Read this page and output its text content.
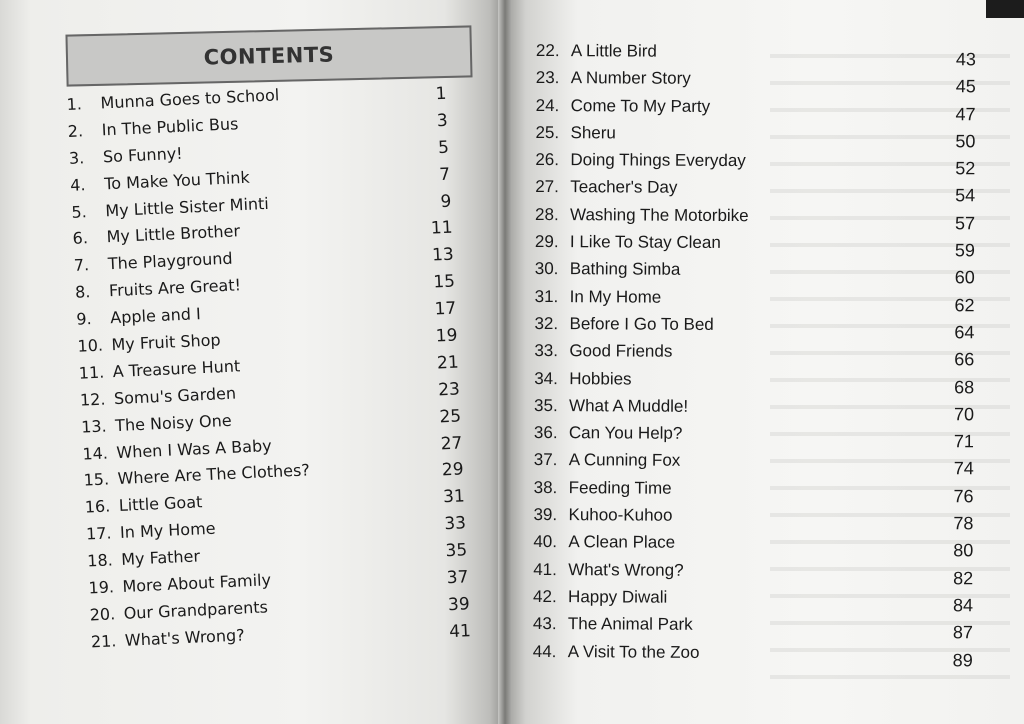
CONTENTS
1. Munna Goes to School	1
2. In The Public Bus	3
3. So Funny!	5
4. To Make You Think	7
5. My Little Sister Minti	9
6. My Little Brother	11
7. The Playground	13
8. Fruits Are Great!	15
9. Apple and I	17
10. My Fruit Shop	19
11. A Treasure Hunt	21
12. Somu's Garden	23
13. The Noisy One	25
14. When I Was A Baby	27
15. Where Are The Clothes?	29
16. Little Goat	31
17. In My Home	33
18. My Father	35
19. More About Family	37
20. Our Grandparents	39
21. What's Wrong?	41
22. A Little Bird	43
23. A Number Story	45
24. Come To My Party	47
25. Sheru	50
26. Doing Things Everyday	52
27. Teacher's Day	54
28. Washing The Motorbike	57
29. I Like To Stay Clean	59
30. Bathing Simba	60
31. In My Home	62
32. Before I Go To Bed	64
33. Good Friends	66
34. Hobbies	68
35. What A Muddle!	70
36. Can You Help?	71
37. A Cunning Fox	74
38. Feeding Time	76
39. Kuhoo-Kuhoo	78
40. A Clean Place	80
41. What's Wrong?	82
42. Happy Diwali	84
43. The Animal Park	87
44. A Visit To the Zoo	89
